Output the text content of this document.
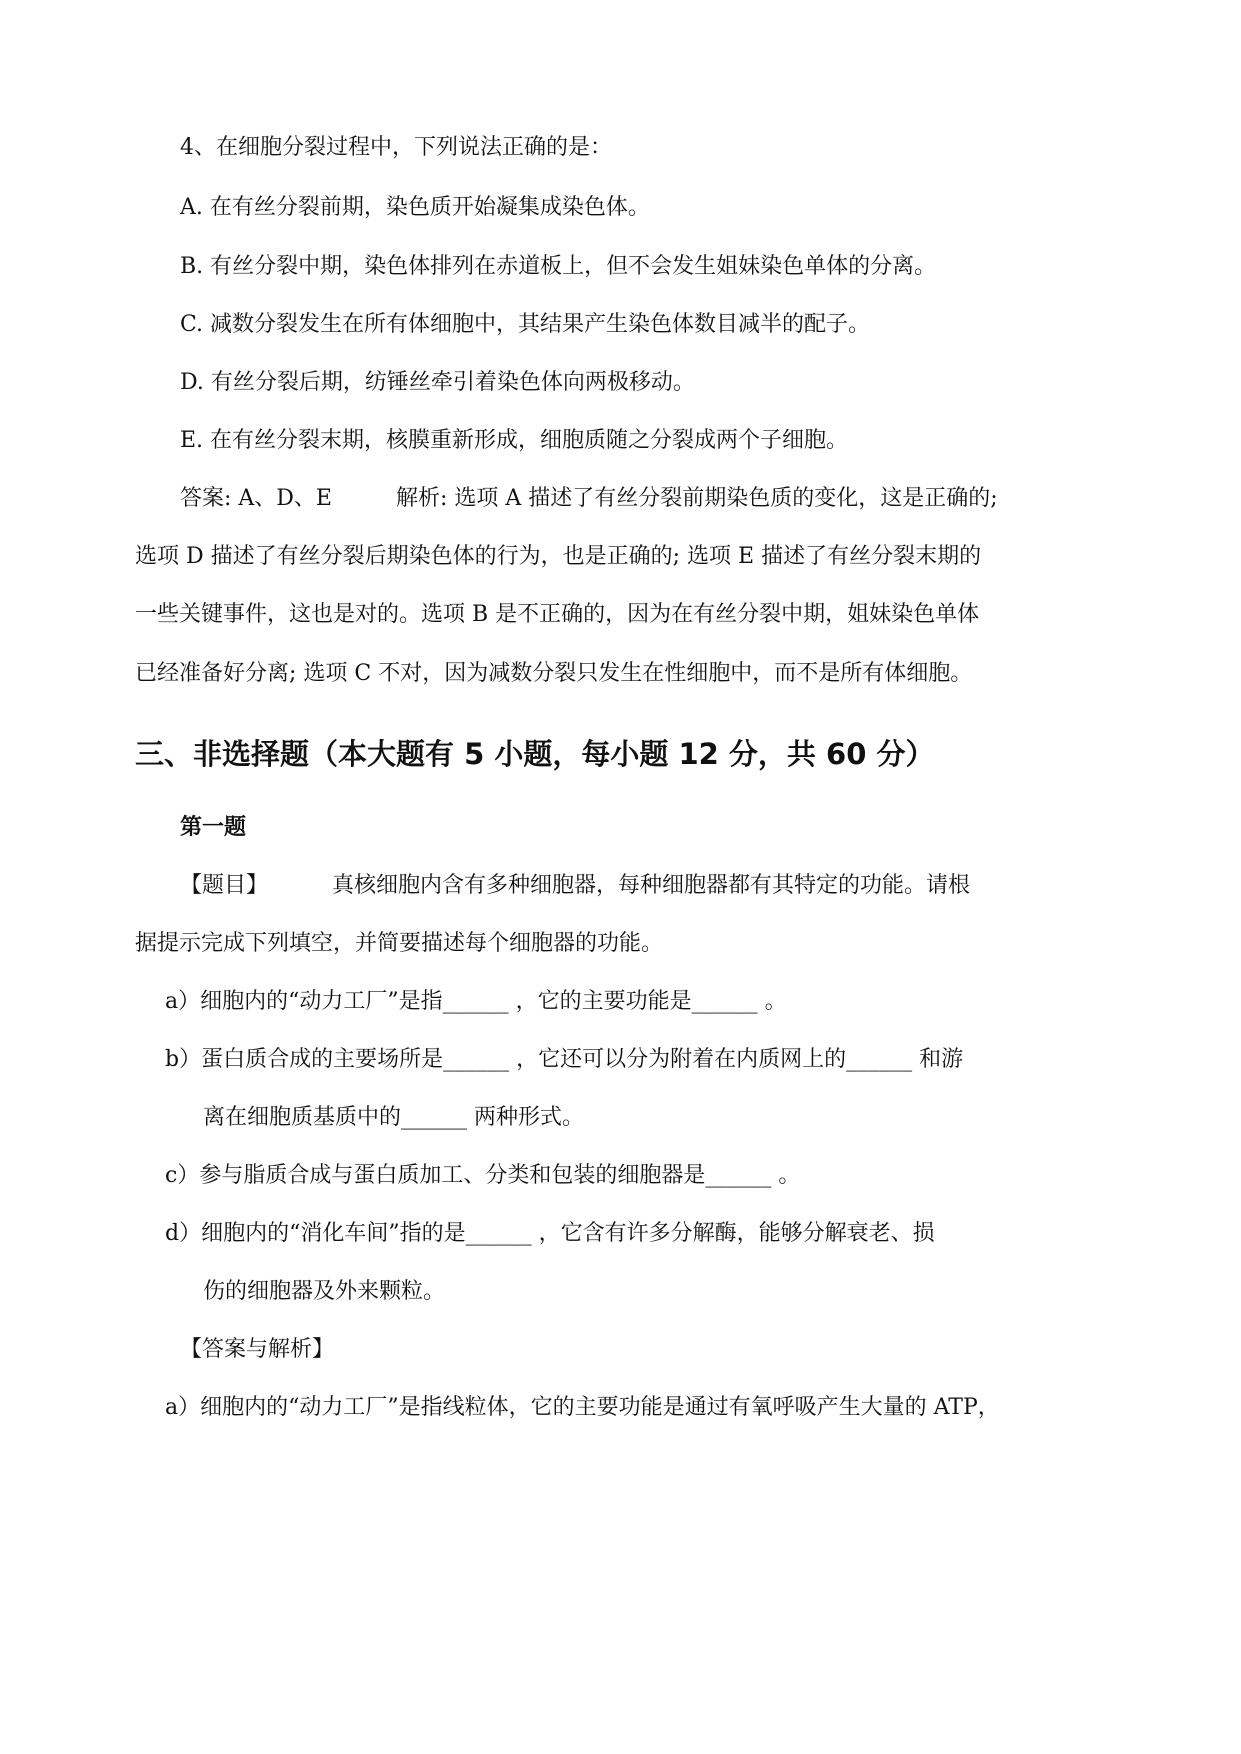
4、在细胞分裂过程中，下列说法正确的是：
A. 在有丝分裂前期，染色质开始凝集成染色体。
B. 有丝分裂中期，染色体排列在赤道板上，但不会发生姐妹染色单体的分离。
C. 减数分裂发生在所有体细胞中，其结果产生染色体数目减半的配子。
D. 有丝分裂后期，纺锤丝牵引着染色体向两极移动。
E. 在有丝分裂末期，核膜重新形成，细胞质随之分裂成两个子细胞。
答案: A、D、E	解析: 选项 A 描述了有丝分裂前期染色质的变化，这是正确的;
选项 D 描述了有丝分裂后期染色体的行为，也是正确的; 选项 E 描述了有丝分裂末期的
一些关键事件，这也是对的。选项 B 是不正确的，因为在有丝分裂中期，姐妹染色单体
已经准备好分离; 选项 C 不对，因为减数分裂只发生在性细胞中，而不是所有体细胞。
三、非选择题（本大题有 5 小题，每小题 12 分，共 60 分）
第一题
【题目】	真核细胞内含有多种细胞器，每种细胞器都有其特定的功能。请根
据提示完成下列填空，并简要描述每个细胞器的功能。
a）细胞内的“动力工厂”是指______ ，它的主要功能是______ 。
b）蛋白质合成的主要场所是______ ，它还可以分为附着在内质网上的______ 和游
离在细胞质基质中的______ 两种形式。
c）参与脂质合成与蛋白质加工、分类和包装的细胞器是______ 。
d）细胞内的“消化车间”指的是______ ，它含有许多分解酶，能够分解衰老、损
伤的细胞器及外来颗粒。
【答案与解析】
a）细胞内的“动力工厂”是指线粒体，它的主要功能是通过有氧呼吸产生大量的 ATP，
